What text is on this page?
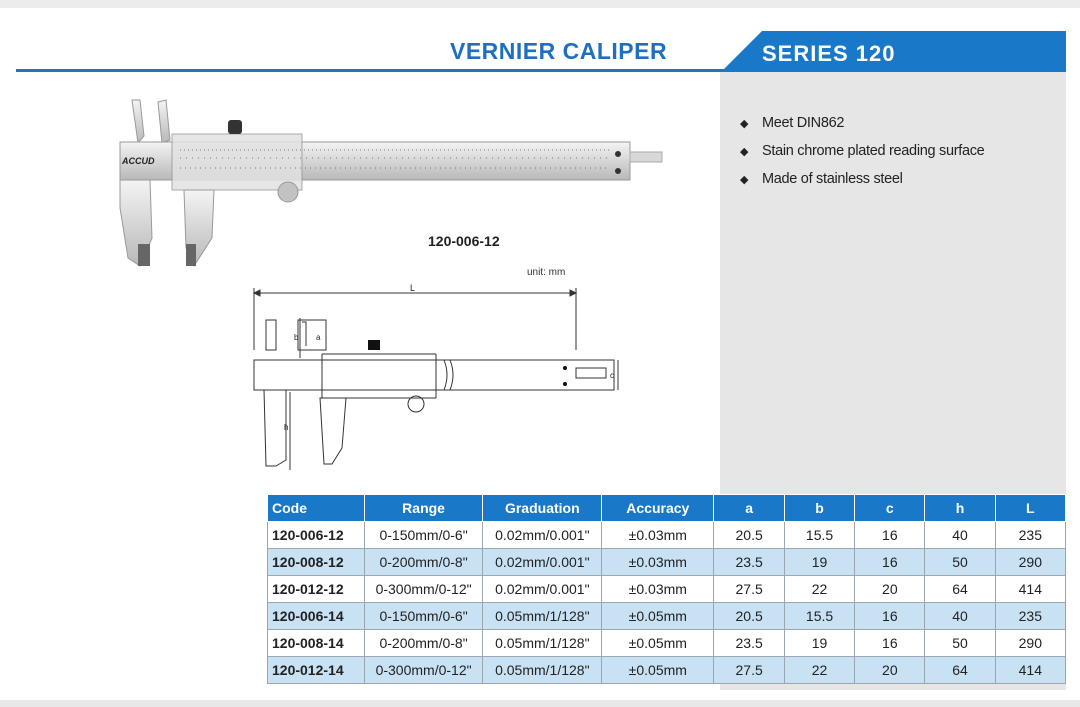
VERNIER CALIPER	SERIES 120
◆ Meet DIN862
◆ Stain chrome plated reading surface
◆ Made of stainless steel
ACCUD
120-006-12
unit: mm
L
b a
c
h
Code	Range	Graduation	Accuracy	a	b	c	h	L
120-006-12	0-150mm/0-6"	0.02mm/0.001"	±0.03mm	20.5	15.5	16	40	235
120-008-12	0-200mm/0-8"	0.02mm/0.001"	±0.03mm	23.5	19	16	50	290
120-012-12	0-300mm/0-12"	0.02mm/0.001"	±0.03mm	27.5	22	20	64	414
120-006-14	0-150mm/0-6"	0.05mm/1/128"	±0.05mm	20.5	15.5	16	40	235
120-008-14	0-200mm/0-8"	0.05mm/1/128"	±0.05mm	23.5	19	16	50	290
120-012-14	0-300mm/0-12"	0.05mm/1/128"	±0.05mm	27.5	22	20	64	414
